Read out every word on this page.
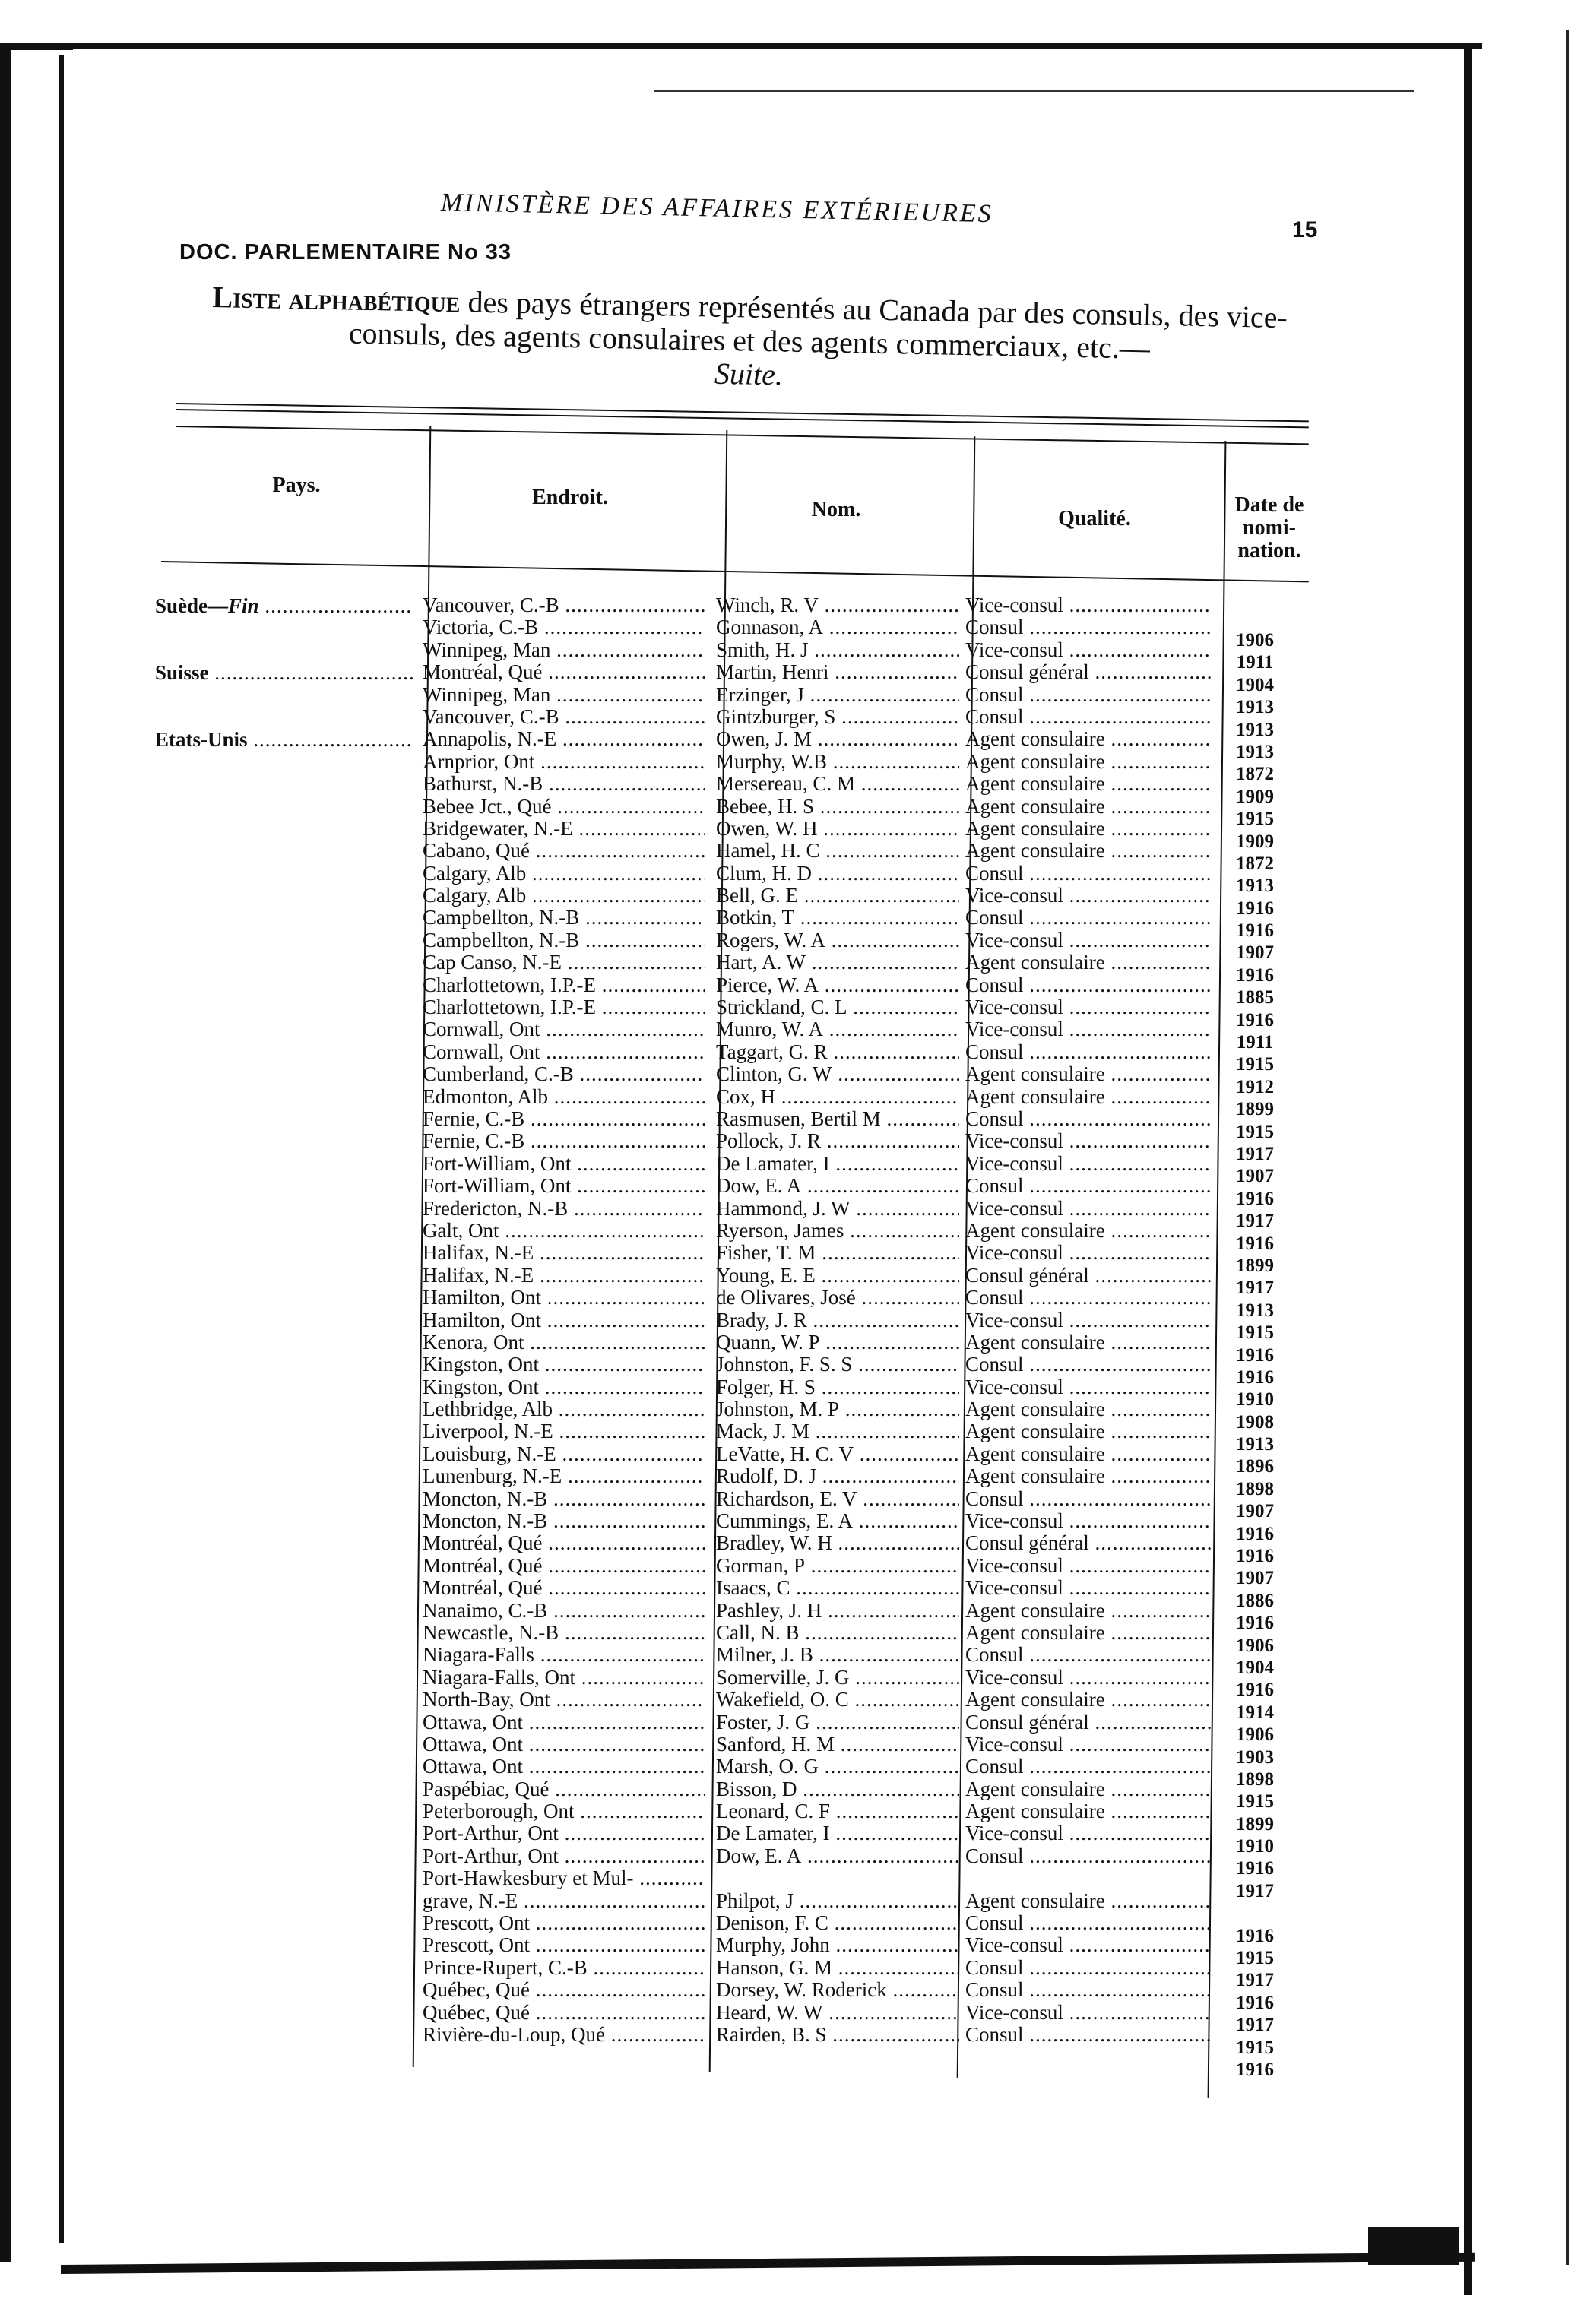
MINISTÈRE DES AFFAIRES EXTÉRIEURES
DOC. PARLEMENTAIRE No 33
15
Liste alphabétique des pays étrangers représentés au Canada par des consuls, des vice-consuls, des agents consulaires et des agents commerciaux, etc.—
Suite.
Pays.
Endroit.
Nom.	Qualité.
Date de nomi- nation.
Suède—Fin .....
Suisse .....
Etats-Unis .....
Vancouver, C.-B .....
Victoria, C.-B .....
Winnipeg, Man .....
Montréal, Qué .....
Winnipeg, Man .....
Vancouver, C.-B .....
Annapolis, N.-E .....
Arnprior, Ont .....
Bathurst, N.-B .....
Bebee Jct., Qué .....
Bridgewater, N.-E .....
Cabano, Qué .....
Calgary, Alb .....
Calgary, Alb .....
Campbellton, N.-B .....
Campbellton, N.-B .....
Cap Canso, N.-E .....
Charlottetown, I.P.-E .....
Charlottetown, I.P.-E .....
Cornwall, Ont .....
Cornwall, Ont .....
Cumberland, C.-B .....
Edmonton, Alb .....
Fernie, C.-B .....
Fernie, C.-B .....
Fort-William, Ont .....
Fort-William, Ont .....
Fredericton, N.-B .....
Galt, Ont .....
Halifax, N.-E .....
Halifax, N.-E .....
Hamilton, Ont .....
Hamilton, Ont .....
Kenora, Ont .....
Kingston, Ont .....
Kingston, Ont .....
Lethbridge, Alb .....
Liverpool, N.-E .....
Louisburg, N.-E .....
Lunenburg, N.-E .....
Moncton, N.-B .....
Moncton, N.-B .....
Montréal, Qué .....
Montréal, Qué .....
Montréal, Qué .....
Nanaimo, C.-B .....
Newcastle, N.-B .....
Niagara-Falls .....
Niagara-Falls, Ont .....
North-Bay, Ont .....
Ottawa, Ont .....
Ottawa, Ont .....
Ottawa, Ont .....
Paspébiac, Qué .....
Peterborough, Ont .....
Port-Arthur, Ont .....
Port-Arthur, Ont .....
Port-Hawkesbury et Mul- .....
grave, N.-E .....
Prescott, Ont .....
Prescott, Ont .....
Prince-Rupert, C.-B .....
Québec, Qué .....
Québec, Qué .....
Rivière-du-Loup, Qué .....
Winch, R. V .....
Gonnason, A .....
Smith, H. J .....
Martin, Henri .....
Erzinger, J .....
Gintzburger, S .....
Owen, J. M .....
Murphy, W.B .....
Mersereau, C. M .....
Bebee, H. S .....
Owen, W. H .....
Hamel, H. C .....
Clum, H. D .....
Bell, G. E .....
Botkin, T .....
Rogers, W. A .....
Hart, A. W .....
Pierce, W. A .....
Strickland, C. L .....
Munro, W. A .....
Taggart, G. R .....
Clinton, G. W .....
Cox, H .....
Rasmusen, Bertil M .....
Pollock, J. R .....
De Lamater, I .....
Dow, E. A .....
Hammond, J. W .....
Ryerson, James .....
Fisher, T. M .....
Young, E. E .....
de Olivares, José .....
Brady, J. R .....
Quann, W. P .....
Johnston, F. S. S .....
Folger, H. S .....
Johnston, M. P .....
Mack, J. M .....
LeVatte, H. C. V .....
Rudolf, D. J .....
Richardson, E. V .....
Cummings, E. A .....
Bradley, W. H .....
Gorman, P .....
Isaacs, C .....
Pashley, J. H .....
Call, N. B .....
Milner, J. B .....
Somerville, J. G .....
Wakefield, O. C .....
Foster, J. G .....
Sanford, H. M .....
Marsh, O. G .....
Bisson, D .....
Leonard, C. F .....
De Lamater, I .....
Dow, E. A .....
Philpot, J .....
Denison, F. C .....
Murphy, John .....
Hanson, G. M .....
Dorsey, W. Roderick .....
Heard, W. W .....
Rairden, B. S .....
Vice-consul .....
Consul .....
Vice-consul .....
Consul général .....
Consul .....
Consul .....
Agent consulaire .....
Agent consulaire .....
Agent consulaire .....
Agent consulaire .....
Agent consulaire .....
Agent consulaire .....
Consul .....
Vice-consul .....
Consul .....
Vice-consul .....
Agent consulaire .....
Consul .....
Vice-consul .....
Vice-consul .....
Consul .....
Agent consulaire .....
Agent consulaire .....
Consul .....
Vice-consul .....
Vice-consul .....
Consul .....
Vice-consul .....
Agent consulaire .....
Vice-consul .....
Consul général .....
Consul .....
Vice-consul .....
Agent consulaire .....
Consul .....
Vice-consul .....
Agent consulaire .....
Agent consulaire .....
Agent consulaire .....
Agent consulaire .....
Consul .....
Vice-consul .....
Consul général .....
Vice-consul .....
Vice-consul .....
Agent consulaire .....
Agent consulaire .....
Consul .....
Vice-consul .....
Agent consulaire .....
Consul général .....
Vice-consul .....
Consul .....
Agent consulaire .....
Agent consulaire .....
Vice-consul .....
Consul .....
Agent consulaire .....
Consul .....
Vice-consul .....
Consul .....
Consul .....
Vice-consul .....
Consul .....
1906
1911
1904
1913
1913
1913
1872
1909
1915
1909
1872
1913
1916
1916
1907
1916
1885
1916
1911
1915
1912
1899
1915
1917
1907
1916
1917
1916
1899
1917
1913
1915
1916
1916
1910
1908
1913
1896
1898
1907
1916
1916
1907
1886
1916
1906
1904
1916
1914
1906
1903
1898
1915
1899
1910
1916
1917
1916
1915
1917
1916
1917
1915
1916
